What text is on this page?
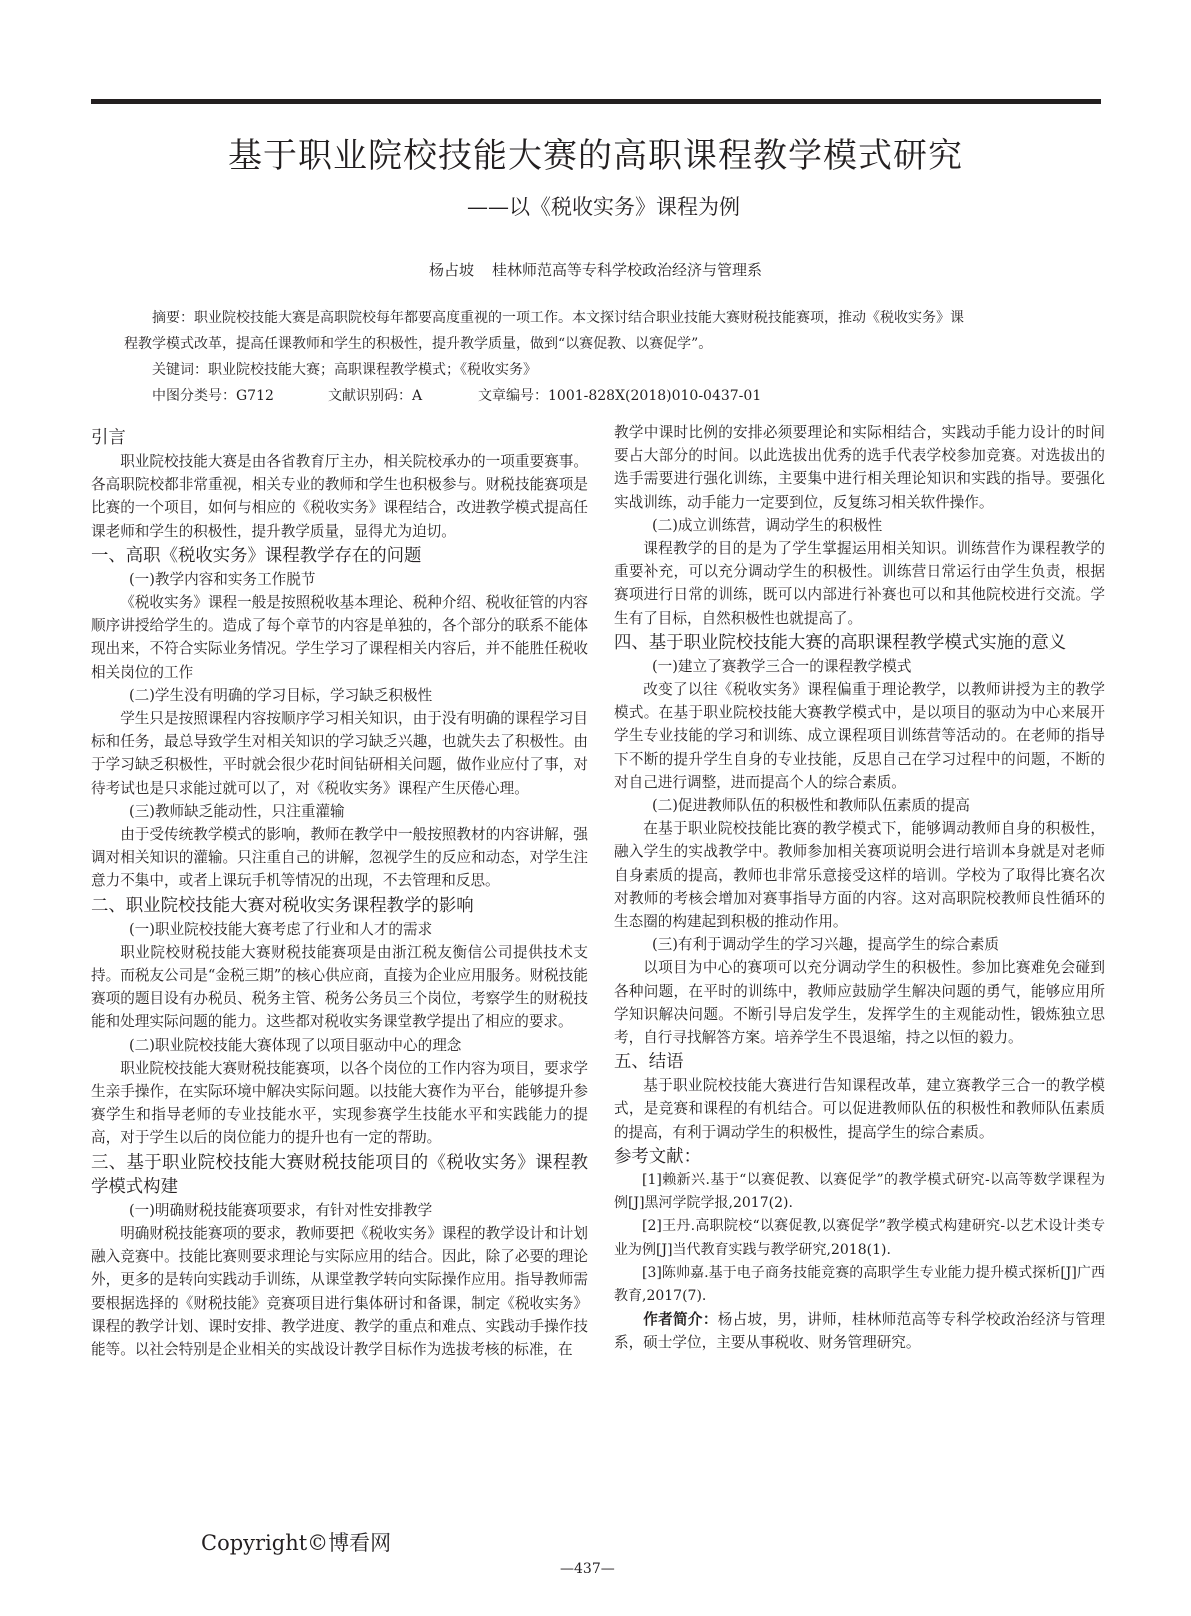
基于职业院校技能大赛的高职课程教学模式研究
——以《税收实务》课程为例
杨占坡 桂林师范高等专科学校政治经济与管理系

摘要：职业院校技能大赛是高职院校每年都要高度重视的一项工作。本文探讨结合职业技能大赛财税技能赛项，推动《税收实务》课

程教学模式改革，提高任课教师和学生的积极性，提升教学质量，做到“以赛促教、以赛促学”。

关键词：职业院校技能大赛；高职课程教学模式；《税收实务》

中图分类号：G712	文献识别码：A	文章编号：1001-828X(2018)010-0437-01

引言

职业院校技能大赛是由各省教育厅主办，相关院校承办的一项重要赛事。各高职院校都非常重视，相关专业的教师和学生也积极参与。财税技能赛项是比赛的一个项目，如何与相应的《税收实务》课程结合，改进教学模式提高任课老师和学生的积极性，提升教学质量，显得尤为迫切。

一、高职《税收实务》课程教学存在的问题

(一)教学内容和实务工作脱节

《税收实务》课程一般是按照税收基本理论、税种介绍、税收征管的内容顺序讲授给学生的。造成了每个章节的内容是单独的，各个部分的联系不能体现出来，不符合实际业务情况。学生学习了课程相关内容后，并不能胜任税收相关岗位的工作

(二)学生没有明确的学习目标，学习缺乏积极性

学生只是按照课程内容按顺序学习相关知识，由于没有明确的课程学习目标和任务，最总导致学生对相关知识的学习缺乏兴趣，也就失去了积极性。由于学习缺乏积极性，平时就会很少花时间钻研相关问题，做作业应付了事，对待考试也是只求能过就可以了，对《税收实务》课程产生厌倦心理。

(三)教师缺乏能动性，只注重灌输

由于受传统教学模式的影响，教师在教学中一般按照教材的内容讲解，强调对相关知识的灌输。只注重自己的讲解，忽视学生的反应和动态，对学生注意力不集中，或者上课玩手机等情况的出现，不去管理和反思。

二、职业院校技能大赛对税收实务课程教学的影响

(一)职业院校技能大赛考虑了行业和人才的需求

职业院校财税技能大赛财税技能赛项是由浙江税友衡信公司提供技术支持。而税友公司是“金税三期”的核心供应商，直接为企业应用服务。财税技能赛项的题目设有办税员、税务主管、税务公务员三个岗位，考察学生的财税技能和处理实际问题的能力。这些都对税收实务课堂教学提出了相应的要求。

(二)职业院校技能大赛体现了以项目驱动中心的理念

职业院校技能大赛财税技能赛项，以各个岗位的工作内容为项目，要求学生亲手操作，在实际环境中解决实际问题。以技能大赛作为平台，能够提升参赛学生和指导老师的专业技能水平，实现参赛学生技能水平和实践能力的提高，对于学生以后的岗位能力的提升也有一定的帮助。

三、基于职业院校技能大赛财税技能项目的《税收实务》课程教学模式构建

(一)明确财税技能赛项要求，有针对性安排教学

明确财税技能赛项的要求，教师要把《税收实务》课程的教学设计和计划融入竞赛中。技能比赛则要求理论与实际应用的结合。因此，除了必要的理论外，更多的是转向实践动手训练，从课堂教学转向实际操作应用。指导教师需要根据选择的《财税技能》竞赛项目进行集体研讨和备课，制定《税收实务》课程的教学计划、课时安排、教学进度、教学的重点和难点、实践动手操作技能等。以社会特别是企业相关的实战设计教学目标作为选拔考核的标准，在

教学中课时比例的安排必须要理论和实际相结合，实践动手能力设计的时间要占大部分的时间。以此选拔出优秀的选手代表学校参加竞赛。对选拔出的选手需要进行强化训练，主要集中进行相关理论知识和实践的指导。要强化实战训练，动手能力一定要到位，反复练习相关软件操作。

(二)成立训练营，调动学生的积极性

课程教学的目的是为了学生掌握运用相关知识。训练营作为课程教学的重要补充，可以充分调动学生的积极性。训练营日常运行由学生负责，根据赛项进行日常的训练，既可以内部进行补赛也可以和其他院校进行交流。学生有了目标，自然积极性也就提高了。

四、基于职业院校技能大赛的高职课程教学模式实施的意义

(一)建立了赛教学三合一的课程教学模式

改变了以往《税收实务》课程偏重于理论教学，以教师讲授为主的教学模式。在基于职业院校技能大赛教学模式中，是以项目的驱动为中心来展开学生专业技能的学习和训练、成立课程项目训练营等活动的。在老师的指导下不断的提升学生自身的专业技能，反思自己在学习过程中的问题，不断的对自己进行调整，进而提高个人的综合素质。

(二)促进教师队伍的积极性和教师队伍素质的提高

在基于职业院校技能比赛的教学模式下，能够调动教师自身的积极性，融入学生的实战教学中。教师参加相关赛项说明会进行培训本身就是对老师自身素质的提高，教师也非常乐意接受这样的培训。学校为了取得比赛名次对教师的考核会增加对赛事指导方面的内容。这对高职院校教师良性循环的生态圈的构建起到积极的推动作用。

(三)有利于调动学生的学习兴趣，提高学生的综合素质

以项目为中心的赛项可以充分调动学生的积极性。参加比赛难免会碰到各种问题，在平时的训练中，教师应鼓励学生解决问题的勇气，能够应用所学知识解决问题。不断引导启发学生，发挥学生的主观能动性，锻炼独立思考，自行寻找解答方案。培养学生不畏退缩，持之以恒的毅力。

五、结语

基于职业院校技能大赛进行告知课程改革，建立赛教学三合一的教学模式，是竞赛和课程的有机结合。可以促进教师队伍的积极性和教师队伍素质的提高，有利于调动学生的积极性，提高学生的综合素质。

参考文献：

[1]赖新兴.基于“以赛促教、以赛促学”的教学模式研究-以高等数学课程为例[J]黑河学院学报,2017(2).

[2]王丹.高职院校“以赛促教,以赛促学”教学模式构建研究-以艺术设计类专业为例[J]当代教育实践与教学研究,2018(1).

[3]陈帅嘉.基于电子商务技能竞赛的高职学生专业能力提升模式探析[J]广西教育,2017(7).

作者简介：杨占坡，男，讲师，桂林师范高等专科学校政治经济与管理系，硕士学位，主要从事税收、财务管理研究。

Copyright©博看网
—437—
